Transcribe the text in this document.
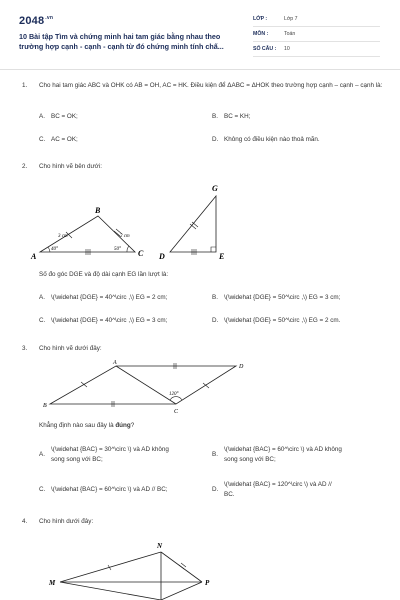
$2048^{.vn}$
10 Bài tập Tìm và chứng minh hai tam giác bằng nhau theo trường hợp cạnh - cạnh - cạnh từ đó chứng minh tính chấ...
LỚP :	Lớp 7
MÔN :	Toán
SỐ CÂU : 10
1. Cho hai tam giác ABC và OHK có AB = OH, AC = HK. Điều kiện để ΔABC = ΔHOK theo trường hợp cạnh – cạnh – cạnh là:
A. BC = OK;	B. BC = KH;
C. AC = OK;	D. Không có điều kiện nào thoả mãn.
2. Cho hình vẽ bên dưới:
B
A	C
3 cm	2 cm
40°	50°
G
D	E
Số đo góc DGE và độ dài cạnh EG lần lượt là:
A. \(\widehat {DGE} = 40^\circ ,\) EG = 2 cm;	B. \(\widehat {DGE} = 50^\circ ,\) EG = 3 cm;
C. \(\widehat {DGE} = 40^\circ ,\) EG = 3 cm;	D. \(\widehat {DGE} = 50^\circ ,\) EG = 2 cm.
3. Cho hình vẽ dưới đây:
A
D
B
C
120°
Khẳng định nào sau đây là đúng?
A.
\(\widehat {BAC} = 30^\circ \) và AD không
song song với BC;
B.
\(\widehat {BAC} = 60^\circ \) và AD không
song song với BC;
C. \(\widehat {BAC} = 60^\circ \) và AD // BC;	D.
\(\widehat {BAC} = 120^\circ \) và AD //
BC.
4. Cho hình dưới đây:
N
M	P
